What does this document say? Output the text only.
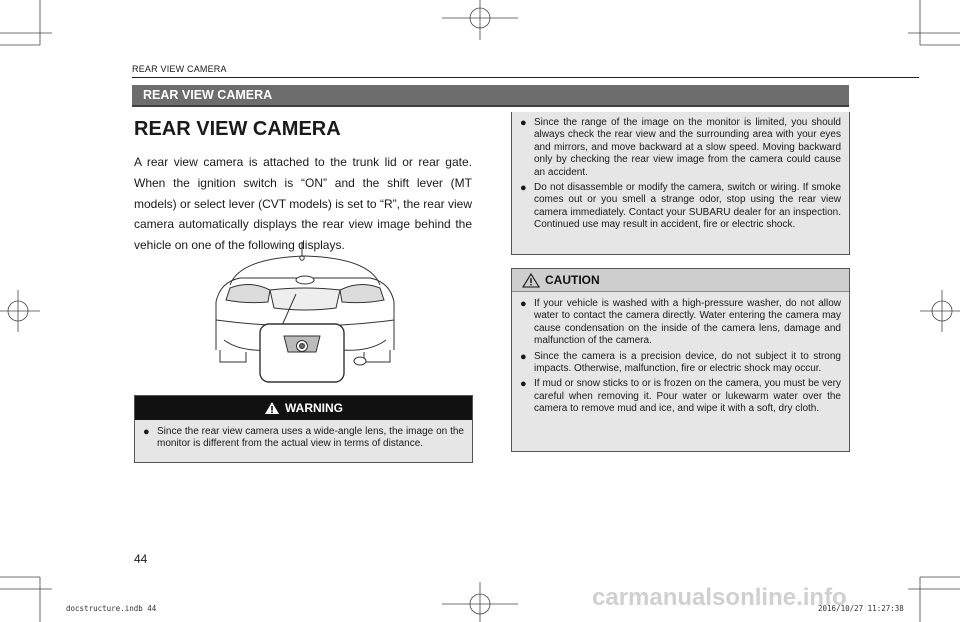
REAR VIEW CAMERA
REAR VIEW CAMERA
REAR VIEW CAMERA

A rear view camera is attached to the trunk lid or rear gate. When the ignition switch is “ON” and the shift lever (MT models) or select lever (CVT models) is set to “R”, the rear view camera automatically displays the rear view image behind the vehicle on one of the following displays.

WARNING
● Since the rear view camera uses a wide-angle lens, the image on the monitor is different from the actual view in terms of distance.
● Since the range of the image on the monitor is limited, you should always check the rear view and the surrounding area with your eyes and mirrors, and move backward at a slow speed. Moving backward only by checking the rear view image from the camera could cause an accident.
● Do not disassemble or modify the camera, switch or wiring. If smoke comes out or you smell a strange odor, stop using the rear view camera immediately. Contact your SUBARU dealer for an inspection. Continued use may result in accident, fire or electric shock.
CAUTION
● If your vehicle is washed with a high-pressure washer, do not allow water to contact the camera directly. Water entering the camera may cause condensation on the inside of the camera lens, damage and malfunction of the camera.
● Since the camera is a precision device, do not subject it to strong impacts. Otherwise, malfunction, fire or electric shock may occur.
● If mud or snow sticks to or is frozen on the camera, you must be very careful when removing it. Pour water or lukewarm water over the camera to remove mud and ice, and wipe it with a soft, dry cloth.
44
docstructure.indb 44	carmanualsonline.info
2016/10/27 11:27:38
